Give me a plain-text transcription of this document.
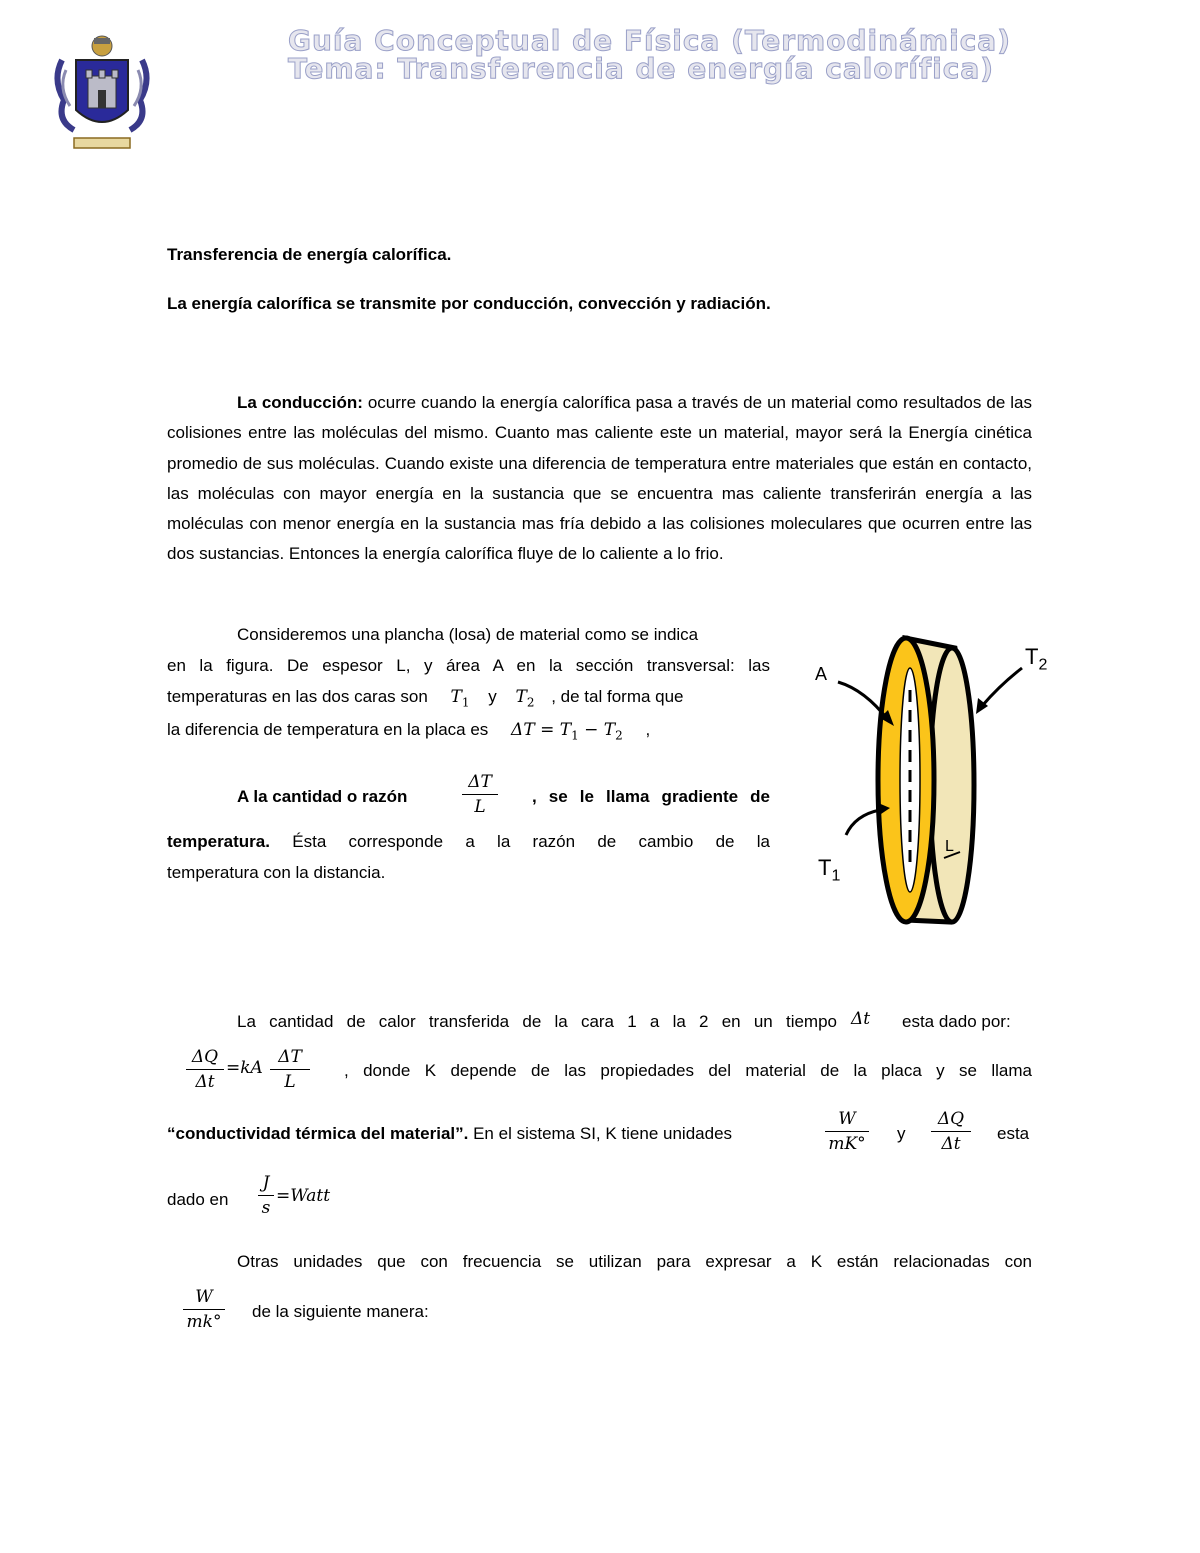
Guía Conceptual de Física (Termodinámica)
Tema: Transferencia de energía calorífica)
Transferencia de energía calorífica.
La energía calorífica se transmite por conducción, convección y radiación.
La conducción: ocurre cuando la energía calorífica pasa a través de un material como resultados de las colisiones entre las moléculas del mismo. Cuanto mas caliente este un material, mayor será la Energía cinética promedio de sus moléculas. Cuando existe una diferencia de temperatura entre materiales que están en contacto, las moléculas con mayor energía en la sustancia que se encuentra mas caliente transferirán energía a las moléculas con menor energía en la sustancia mas fría debido a las colisiones moleculares que ocurren entre las dos sustancias. Entonces la energía calorífica fluye de lo caliente a lo frio.
Consideremos una plancha (losa) de material como se indica
en la figura. De espesor L, y área A en la sección transversal: las
temperaturas en las dos caras son $T_1$ y $T_2$ , de tal forma que
la diferencia de temperatura en la placa es $\Delta T = T_1 - T_2$ ,
A la cantidad o razón
ΔT
L
, se le llama gradiente de
temperatura. Ésta corresponde a la razón de cambio de la
temperatura con la distancia.
A
$T_2$
$T_1$
L
La cantidad de calor transferida de la cara 1 a la 2 en un tiempo Δt esta dado por:
ΔQ
Δt
=kA
ΔT
L
, donde K depende de las propiedades del material de la placa y se llama
“conductividad térmica del material”. En el sistema SI, K tiene unidades
W
mK°
y
ΔQ
Δt
esta
dado en
J
s
=Watt
Otras unidades que con frecuencia se utilizan para expresar a K están relacionadas con
W
mk°
de la siguiente manera:
